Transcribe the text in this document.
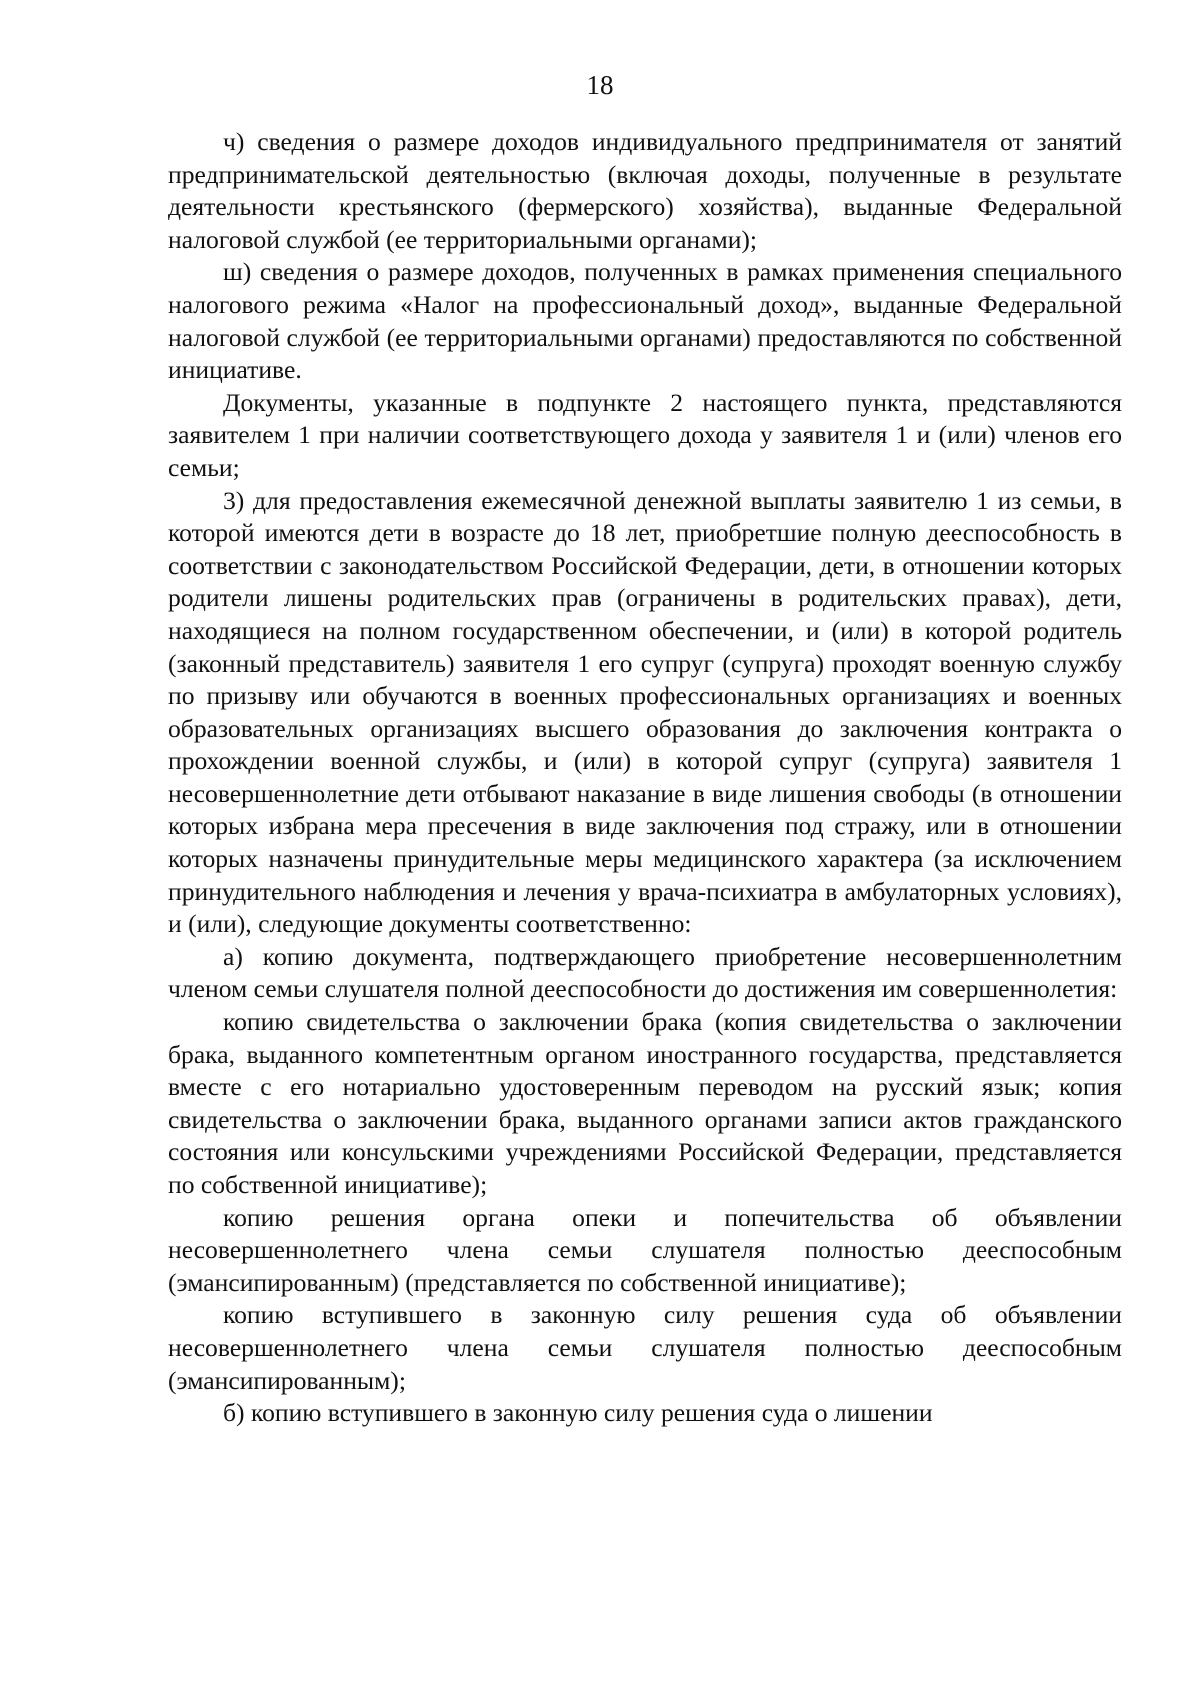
18

ч) сведения о размере доходов индивидуального предпринимателя от занятий предпринимательской деятельностью (включая доходы, полученные в результате деятельности крестьянского (фермерского) хозяйства), выданные Федеральной налоговой службой (ее территориальными органами);

ш) сведения о размере доходов, полученных в рамках применения специального налогового режима «Налог на профессиональный доход», выданные Федеральной налоговой службой (ее территориальными органами) предоставляются по собственной инициативе.

Документы, указанные в подпункте 2 настоящего пункта, представляются заявителем 1 при наличии соответствующего дохода у заявителя 1 и (или) членов его семьи;

3) для предоставления ежемесячной денежной выплаты заявителю 1 из семьи, в которой имеются дети в возрасте до 18 лет, приобретшие полную дееспособность в соответствии с законодательством Российской Федерации, дети, в отношении которых родители лишены родительских прав (ограничены в родительских правах), дети, находящиеся на полном государственном обеспечении, и (или) в которой родитель (законный представитель) заявителя 1 его супруг (супруга) проходят военную службу по призыву или обучаются в военных профессиональных организациях и военных образовательных организациях высшего образования до заключения контракта о прохождении военной службы, и (или) в которой супруг (супруга) заявителя 1 несовершеннолетние дети отбывают наказание в виде лишения свободы (в отношении которых избрана мера пресечения в виде заключения под стражу, или в отношении которых назначены принудительные меры медицинского характера (за исключением принудительного наблюдения и лечения у врача-психиатра в амбулаторных условиях), и (или), следующие документы соответственно:

а) копию документа, подтверждающего приобретение несовершеннолетним членом семьи слушателя полной дееспособности до достижения им совершеннолетия:

копию свидетельства о заключении брака (копия свидетельства о заключении брака, выданного компетентным органом иностранного государства, представляется вместе с его нотариально удостоверенным переводом на русский язык; копия свидетельства о заключении брака, выданного органами записи актов гражданского состояния или консульскими учреждениями Российской Федерации, представляется по собственной инициативе);

копию решения органа опеки и попечительства об объявлении несовершеннолетнего члена семьи слушателя полностью дееспособным (эмансипированным) (представляется по собственной инициативе);

копию вступившего в законную силу решения суда об объявлении несовершеннолетнего члена семьи слушателя полностью дееспособным (эмансипированным);

б) копию вступившего в законную силу решения суда о лишении
